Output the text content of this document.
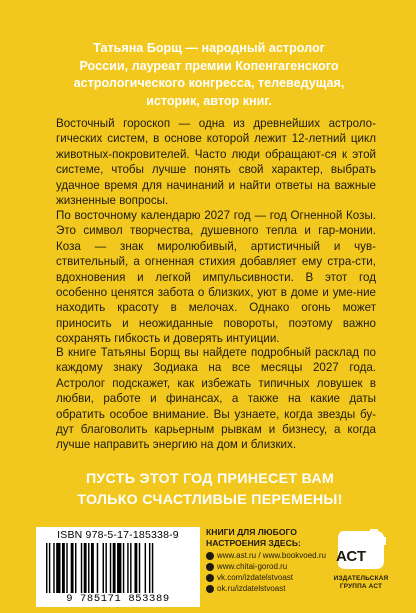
Татьяна Борщ — народный астролог
России, лауреат премии Копенгагенского
астрологического конгресса, телеведущая,
историк, автор книг.

Восточный гороскоп — одна из древнейших астроло-гических систем, в основе которой лежит 12-летний цикл животных-покровителей. Часто люди обращают-ся к этой системе, чтобы лучше понять свой характер, выбрать удачное время для начинаний и найти ответы на важные жизненные вопросы.

По восточному календарю 2027 год — год Огненной Козы. Это символ творчества, душевного тепла и гар-монии. Коза — знак миролюбивый, артистичный и чув-ствительный, а огненная стихия добавляет ему стра-сти, вдохновения и легкой импульсивности. В этот год особенно ценятся забота о близких, уют в доме и уме-ние находить красоту в мелочах. Однако огонь может приносить и неожиданные повороты, поэтому важно сохранять гибкость и доверять интуиции.

В книге Татьяны Борщ вы найдете подробный расклад по каждому знаку Зодиака на все месяцы 2027 года. Астролог подскажет, как избежать типичных ловушек в любви, работе и финансах, а также на какие даты обратить особое внимание. Вы узнаете, когда звезды бу-дут благоволить карьерным рывкам и бизнесу, а когда лучше направить энергию на дом и близких.

ПУСТЬ ЭТОТ ГОД ПРИНЕСЕТ ВАМ
ТОЛЬКО СЧАСТЛИВЫЕ ПЕРЕМЕНЫ!
ISBN 978-5-17-185338-9
9 785171 853389
КНИГИ ДЛЯ ЛЮБОГО
НАСТРОЕНИЯ ЗДЕСЬ:
www.ast.ru / www.bookvoed.ru
www.chitai-gorod.ru
vk.com/izdatelstvoast
ok.ru/izdatelstvoast
АСТ
ИЗДАТЕЛЬСКАЯ
ГРУППА АСТ
